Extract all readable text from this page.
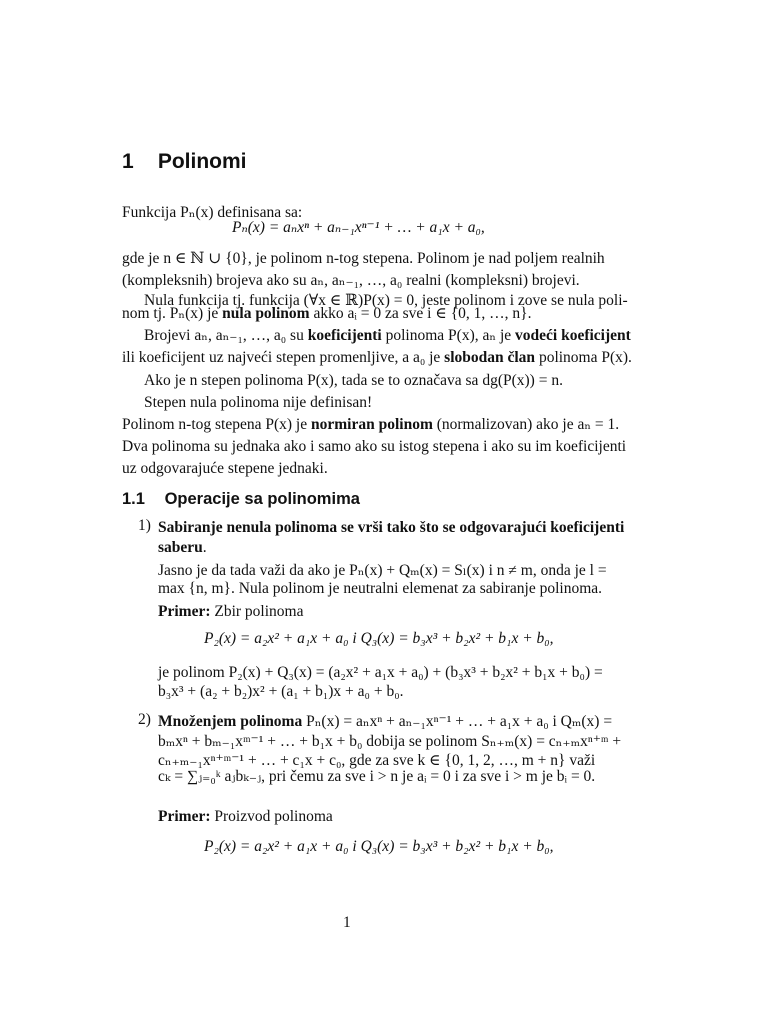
1 Polinomi
Funkcija Pₙ(x) definisana sa:
Pₙ(x) = aₙxⁿ + aₙ₋₁xⁿ⁻¹ + … + a₁x + a₀,
gde je n ∈ ℕ ∪ {0}, je polinom n-tog stepena. Polinom je nad poljem realnih
(kompleksnih) brojeva ako su aₙ, aₙ₋₁, …, a₀ realni (kompleksni) brojevi.
Nula funkcija tj. funkcija (∀x ∈ ℝ)P(x) = 0, jeste polinom i zove se nula poli-
nom tj. Pₙ(x) je nula polinom akko aᵢ = 0 za sve i ∈ {0, 1, …, n}.
Brojevi aₙ, aₙ₋₁, …, a₀ su koeficijenti polinoma P(x), aₙ je vodeći koeficijent
ili koeficijent uz najveći stepen promenljive, a a₀ je slobodan član polinoma P(x).
Ako je n stepen polinoma P(x), tada se to označava sa dg(P(x)) = n.
Stepen nula polinoma nije definisan!
Polinom n-tog stepena P(x) je normiran polinom (normalizovan) ako je aₙ = 1.
Dva polinoma su jednaka ako i samo ako su istog stepena i ako su im koeficijenti
uz odgovarajuće stepene jednaki.
1.1 Operacije sa polinomima
1) Sabiranje nenula polinoma se vrši tako što se odgovarajući koeficijenti
saberu.
Jasno je da tada važi da ako je Pₙ(x) + Qₘ(x) = Sₗ(x) i n ≠ m, onda je l =
max {n, m}. Nula polinom je neutralni elemenat za sabiranje polinoma.
Primer: Zbir polinoma
P₂(x) = a₂x² + a₁x + a₀ i Q₃(x) = b₃x³ + b₂x² + b₁x + b₀,
je polinom P₂(x) + Q₃(x) = (a₂x² + a₁x + a₀) + (b₃x³ + b₂x² + b₁x + b₀) =
b₃x³ + (a₂ + b₂)x² + (a₁ + b₁)x + a₀ + b₀.
2) Množenjem polinoma Pₙ(x) = aₙxⁿ + aₙ₋₁xⁿ⁻¹ + … + a₁x + a₀ i Qₘ(x) =
bₘxⁿ + bₘ₋₁xᵐ⁻¹ + … + b₁x + b₀ dobija se polinom Sₙ₊ₘ(x) = cₙ₊ₘxⁿ⁺ᵐ +
cₙ₊ₘ₋₁xⁿ⁺ᵐ⁻¹ + … + c₁x + c₀, gde za sve k ∈ {0, 1, 2, …, m + n} važi
cₖ = ∑ⱼ₌₀ᵏ aⱼbₖ₋ⱼ, pri čemu za sve i > n je aᵢ = 0 i za sve i > m je bᵢ = 0.
Primer: Proizvod polinoma
P₂(x) = a₂x² + a₁x + a₀ i Q₃(x) = b₃x³ + b₂x² + b₁x + b₀,
1
